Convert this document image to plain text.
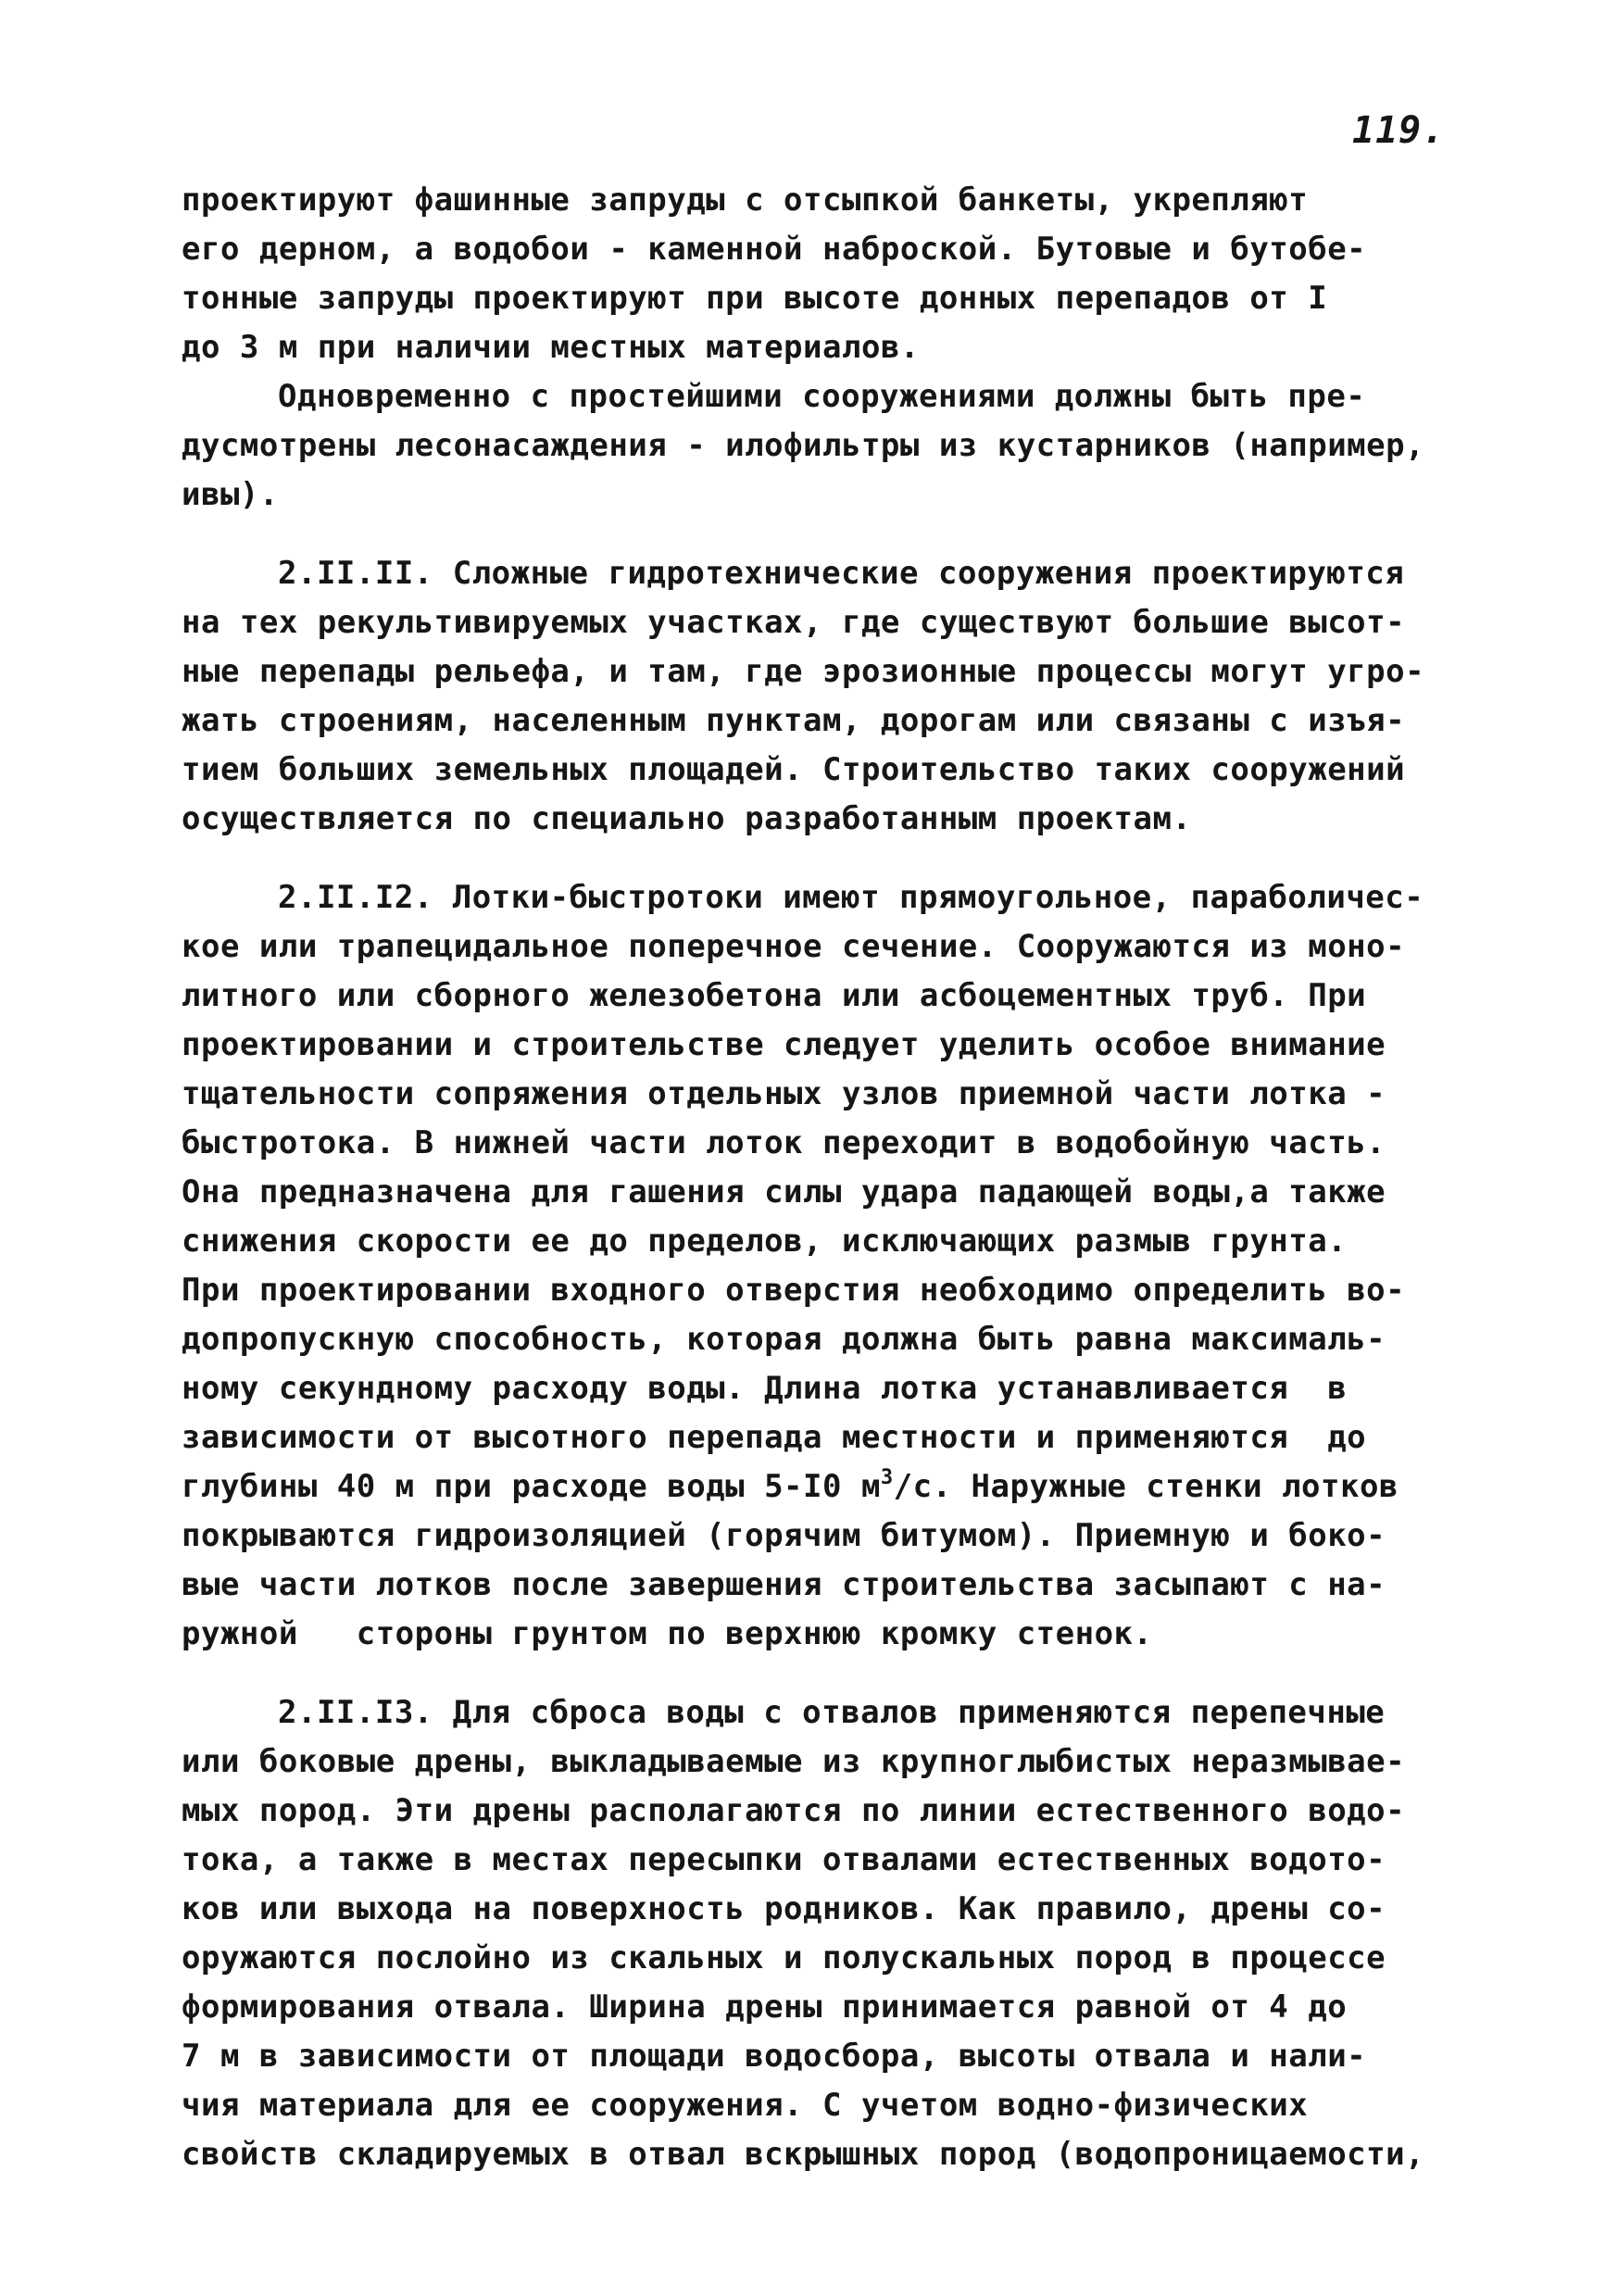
119.
проектируют фашинные запруды с отсыпкой банкеты, укрепляют
его дерном, а водобои - каменной наброской. Бутовые и бутобе-
тонные запруды проектируют при высоте донных перепадов от I
до 3 м при наличии местных материалов.
Одновременно с простейшими сооружениями должны быть пре-
дусмотрены лесонасаждения - илофильтры из кустарников (например,
ивы).
2.II.II. Сложные гидротехнические сооружения проектируются
на тех рекультивируемых участках, где существуют большие высот-
ные перепады рельефа, и там, где эрозионные процессы могут угро-
жать строениям, населенным пунктам, дорогам или связаны с изъя-
тием больших земельных площадей. Строительство таких сооружений
осуществляется по специально разработанным проектам.
2.II.I2. Лотки-быстротоки имеют прямоугольное, параболичес-
кое или трапецидальное поперечное сечение. Сооружаются из моно-
литного или сборного железобетона или асбоцементных труб. При
проектировании и строительстве следует уделить особое внимание
тщательности сопряжения отдельных узлов приемной части лотка -
быстротока. В нижней части лоток переходит в водобойную часть.
Она предназначена для гашения силы удара падающей воды,а также
снижения скорости ее до пределов, исключающих размыв грунта.
При проектировании входного отверстия необходимо определить во-
допропускную способность, которая должна быть равна максималь-
ному секундному расходу воды. Длина лотка устанавливается  в
зависимости от высотного перепада местности и применяются  до
глубины 40 м при расходе воды 5-I0 $м^3/с$. Наружные стенки лотков
покрываются гидроизоляцией (горячим битумом). Приемную и боко-
вые части лотков после завершения строительства засыпают с на-
ружной   стороны грунтом по верхнюю кромку стенок.
2.II.I3. Для сброса воды с отвалов применяются перепечные
или боковые дрены, выкладываемые из крупноглыбистых неразмывае-
мых пород. Эти дрены располагаются по линии естественного водо-
тока, а также в местах пересыпки отвалами естественных водото-
ков или выхода на поверхность родников. Как правило, дрены со-
оружаются послойно из скальных и полускальных пород в процессе
формирования отвала. Ширина дрены принимается равной от 4 до
7 м в зависимости от площади водосбора, высоты отвала и нали-
чия материала для ее сооружения. С учетом водно-физических
свойств складируемых в отвал вскрышных пород (водопроницаемости,
